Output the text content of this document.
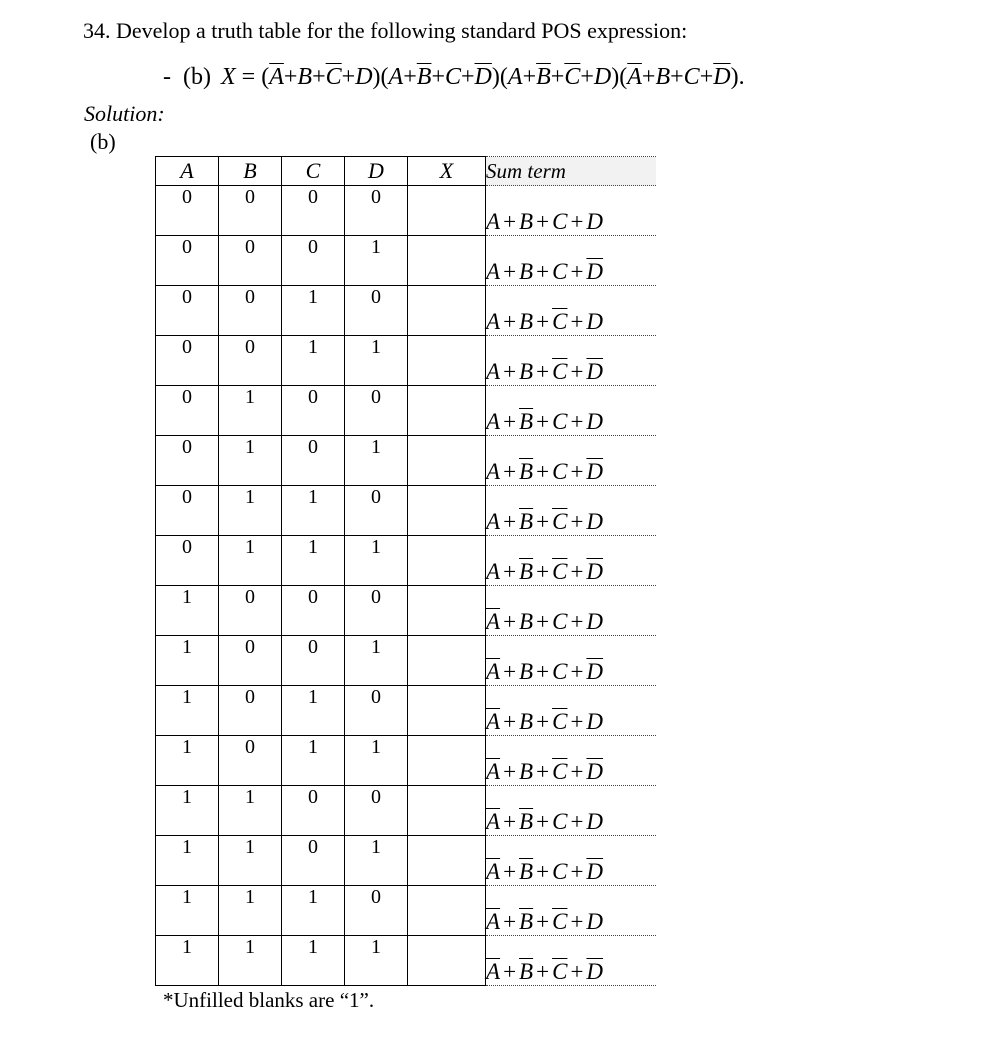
34. Develop a truth table for the following standard POS expression:
- (b) $X = (\overline{A}+B+\overline{C}+D)(A+\overline{B}+C+\overline{D})(A+\overline{B}+\overline{C}+D)(\overline{A}+B+C+\overline{D})$.
Solution:
(b)
A	B	C	D	X	Sum term
0	0	0	0		A + B + C + D
0	0	0	1		$A + B + C + \overline{D}$
0	0	1	0		$A + B + \overline{C} + D$
0	0	1	1		$A + B + \overline{C} + \overline{D}$
0	1	0	0		$A + \overline{B} + C + D$
0	1	0	1		$A + \overline{B} + C + \overline{D}$
0	1	1	0		$A + \overline{B} + \overline{C} + D$
0	1	1	1		$A + \overline{B} + \overline{C} + \overline{D}$
1	0	0	0		$\overline{A} + B + C + D$
1	0	0	1		$\overline{A} + B + C + \overline{D}$
1	0	1	0		$\overline{A} + B + \overline{C} + D$
1	0	1	1		$\overline{A} + B + \overline{C} + \overline{D}$
1	1	0	0		$\overline{A} + \overline{B} + C + D$
1	1	0	1		$\overline{A} + \overline{B} + C + \overline{D}$
1	1	1	0		$\overline{A} + \overline{B} + \overline{C} + D$
1	1	1	1		$\overline{A} + \overline{B} + \overline{C} + \overline{D}$
*Unfilled blanks are “1”.
